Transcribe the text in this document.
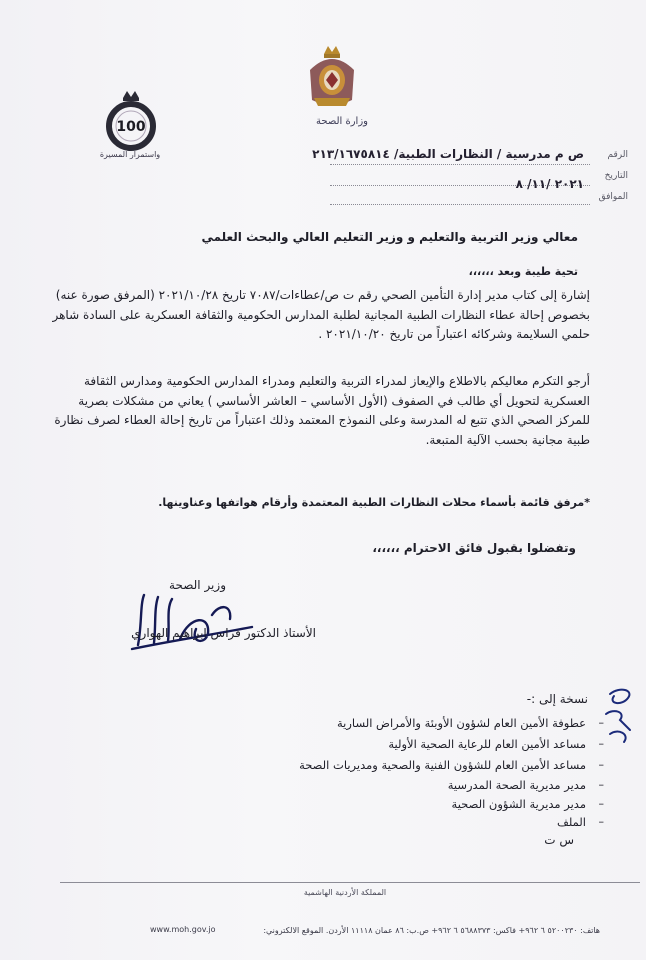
وزارة الصحة
100
واستمرار المسيرة	الرقم
ص م مدرسية / النظارات الطبية/ ٢١٣/١٦٧٥٨١٤
التاريخ
٢٠٢١ /١١/ ٨
الموافق
معالي وزير التربية والتعليم و وزير التعليم العالي والبحث العلمي
تحية طيبة وبعد ،،،،،،
إشارة إلى كتاب مدير إدارة التأمين الصحي رقم ت ص/عطاءات/٧٠٨٧ تاريخ ٢٠٢١/١٠/٢٨ (المرفق صورة عنه) بخصوص إحالة عطاء النظارات الطبية المجانية لطلبة المدارس الحكومية والثقافة العسكرية على السادة شاهر حلمي السلايمة وشركائه اعتباراً من تاريخ ٢٠٢١/١٠/٢٠ .
أرجو التكرم معاليكم بالاطلاع والإيعاز لمدراء التربية والتعليم ومدراء المدارس الحكومية ومدارس الثقافة العسكرية لتحويل أي طالب في الصفوف (الأول الأساسي – العاشر الأساسي ) يعاني من مشكلات بصرية للمركز الصحي الذي تتبع له المدرسة وعلى النموذج المعتمد وذلك اعتباراً من تاريخ إحالة العطاء لصرف نظارة طبية مجانية بحسب الآلية المتبعة.
*مرفق قائمة بأسماء محلات النظارات الطبية المعتمدة وأرقام هواتفها وعناوينها.
وتفضلوا بقبول فائق الاحترام ،،،،،،
وزير الصحة
الأستاذ الدكتور فراس ابراهيم الهواري
نسخة إلى :-
–
عطوفة الأمين العام لشؤون الأوبئة والأمراض السارية
–
مساعد الأمين العام للرعاية الصحية الأولية
–
مساعد الأمين العام للشؤون الفنية والصحية ومديريات الصحة
–
مدير مديرية الصحة المدرسية
–
مدير مديرية الشؤون الصحية
–
الملف
س ت
المملكة الأردنية الهاشمية
هاتف: ٥٢٠٠٢٣٠ ٦ ٩٦٢+ فاكس: ٥٦٨٨٣٧٣ ٦ ٩٦٢+ ص.ب: ٨٦ عمان ١١١١٨ الأردن. الموقع الالكتروني:
www.moh.gov.jo
